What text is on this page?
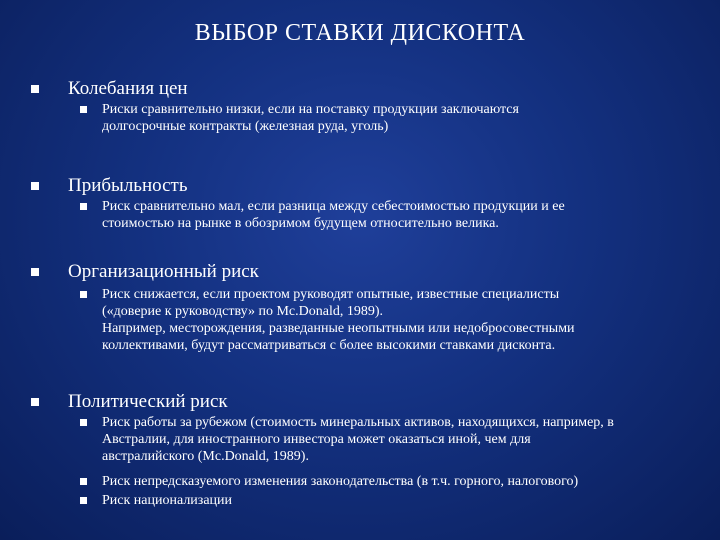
ВЫБОР СТАВКИ ДИСКОНТА
Колебания цен

Риски сравнительно низки, если на поставку продукции заключаются

долгосрочные контракты (железная руда, уголь)

Прибыльность

Риск сравнительно мал, если разница между себестоимостью продукции и ее

стоимостью на рынке в обозримом будущем относительно велика.

Организационный риск

Риск снижается, если проектом руководят опытные, известные специалисты

(«доверие к руководству» по Mc.Donald, 1989).

Например, месторождения, разведанные неопытными или недобросовестными

коллективами, будут рассматриваться с более высокими ставками дисконта.

Политический риск

Риск работы за рубежом (стоимость минеральных активов, находящихся, например, в

Австралии, для иностранного инвестора может оказаться иной, чем для

австралийского (Mc.Donald, 1989).

Риск непредсказуемого изменения законодательства (в т.ч. горного, налогового)

Риск национализации
